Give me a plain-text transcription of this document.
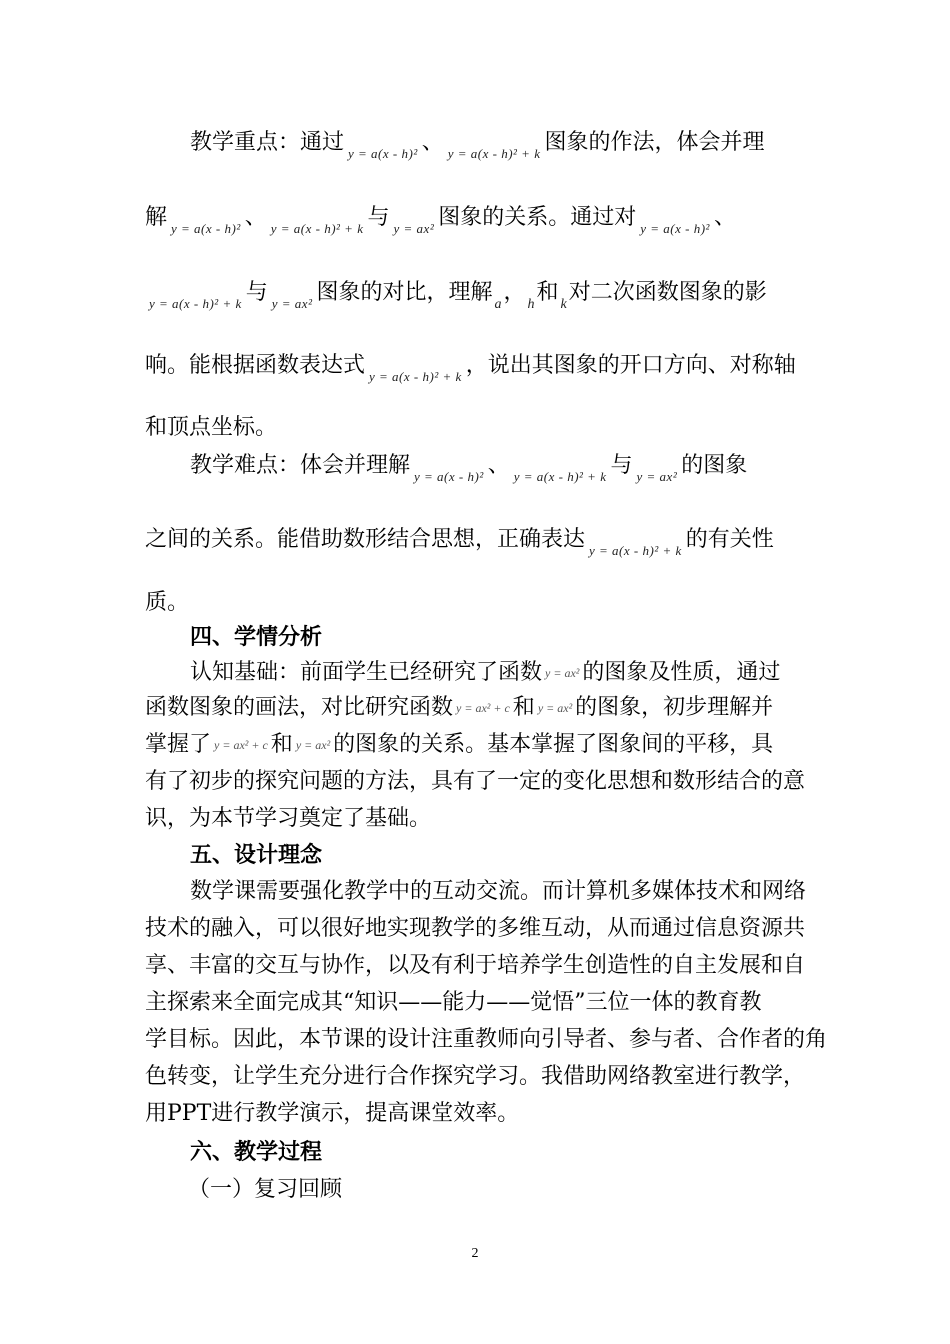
教学重点：通过 y = a(x - h)² 、 y = a(x - h)² + k 图象的作法，体会并理
解 y = a(x - h)² 、 y = a(x - h)² + k 与 y = ax² 图象的关系。通过对 y = a(x - h)² 、
y = a(x - h)² + k 与 y = ax² 图象的对比，理解 a， h和 k对二次函数图象的影
响。能根据函数表达式 y = a(x - h)² + k ，说出其图象的开口方向、对称轴
和顶点坐标。
教学难点：体会并理解 y = a(x - h)² 、 y = a(x - h)² + k 与 y = ax² 的图象
之间的关系。能借助数形结合思想，正确表达 y = a(x - h)² + k 的有关性
质。
四、学情分析
认知基础：前面学生已经研究了函数 y = ax² 的图象及性质，通过
函数图象的画法，对比研究函数 y = ax² + c 和 y = ax² 的图象，初步理解并
掌握了 y = ax² + c 和 y = ax² 的图象的关系。基本掌握了图象间的平移，具
有了初步的探究问题的方法，具有了一定的变化思想和数形结合的意
识，为本节学习奠定了基础。
五、设计理念
数学课需要强化教学中的互动交流。而计算机多媒体技术和网络
技术的融入，可以很好地实现教学的多维互动，从而通过信息资源共
享、丰富的交互与协作，以及有利于培养学生创造性的自主发展和自
主探索来全面完成其“知识——能力——觉悟”三位一体的教育教
学目标。因此，本节课的设计注重教师向引导者、参与者、合作者的角
色转变，让学生充分进行合作探究学习。我借助网络教室进行教学，
用PPT进行教学演示，提高课堂效率。
六、教学过程
（一）复习回顾
2
